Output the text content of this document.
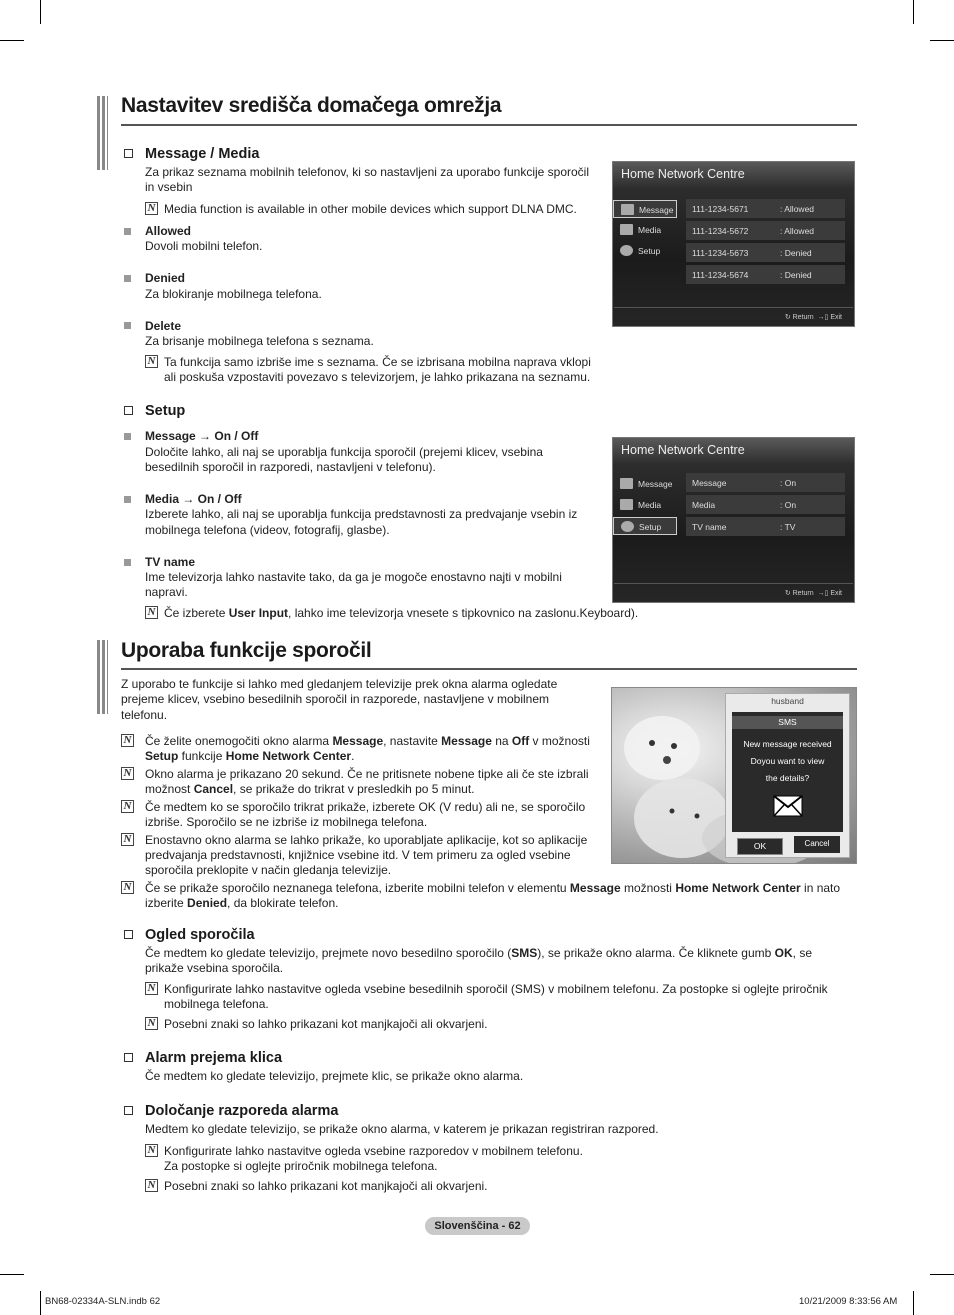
Nastavitev središča domačega omrežja
Message / Media
Za prikaz seznama mobilnih telefonov, ki so nastavljeni za uporabo funkcije sporočil
in vsebin
N Media function is available in other mobile devices which support DLNA DMC.
Allowed
Dovoli mobilni telefon.
Denied
Za blokiranje mobilnega telefona.
Delete
Za brisanje mobilnega telefona s seznama.
N Ta funkcija samo izbriše ime s seznama. Če se izbrisana mobilna naprava vklopi
ali poskuša vzpostaviti povezavo s televizorjem, je lahko prikazana na seznamu.
Home Network Centre
Message
Media
Setup
111-1234-5671	: Allowed
111-1234-5672	: Allowed
111-1234-5673	: Denied
111-1234-5674	: Denied
↻ Return  →▯ Exit
Setup
Message → On / Off
Določite lahko, ali naj se uporablja funkcija sporočil (prejemi klicev, vsebina
besedilnih sporočil in razporedi, nastavljeni v telefonu).
Media → On / Off
Izberete lahko, ali naj se uporablja funkcija predstavnosti za predvajanje vsebin iz
mobilnega telefona (videov, fotografij, glasbe).
TV name
Ime televizorja lahko nastavite tako, da ga je mogoče enostavno najti v mobilni
napravi.
N Če izberete User Input, lahko ime televizorja vnesete s tipkovnico na zaslonu.Keyboard).
Home Network Centre
Message
Media
Setup
Message	: On
Media	: On
TV name	: TV
↻ Return  →▯ Exit
Uporaba funkcije sporočil
Z uporabo te funkcije si lahko med gledanjem televizije prek okna alarma ogledate
prejeme klicev, vsebino besedilnih sporočil in razporede, nastavljene v mobilnem
telefonu.
N Če želite onemogočiti okno alarma Message, nastavite Message na Off v možnosti
Setup funkcije Home Network Center.
N Okno alarma je prikazano 20 sekund. Če ne pritisnete nobene tipke ali če ste izbrali
možnost Cancel, se prikaže do trikrat v presledkih po 5 minut.
N Če medtem ko se sporočilo trikrat prikaže, izberete OK (V redu) ali ne, se sporočilo
izbriše. Sporočilo se ne izbriše iz mobilnega telefona.
N Enostavno okno alarma se lahko prikaže, ko uporabljate aplikacije, kot so aplikacije
predvajanja predstavnosti, knjižnice vsebine itd. V tem primeru za ogled vsebine
sporočila preklopite v način gledanja televizije.
N Če se prikaže sporočilo neznanega telefona, izberite mobilni telefon v elementu Message možnosti Home Network Center in nato
izberite Denied, da blokirate telefon.
husband
SMS
New message received
Doyou want to view
the details?
OK	Cancel
Ogled sporočila
Če medtem ko gledate televizijo, prejmete novo besedilno sporočilo (SMS), se prikaže okno alarma. Če kliknete gumb OK, se
prikaže vsebina sporočila.
N Konfigurirate lahko nastavitve ogleda vsebine besedilnih sporočil (SMS) v mobilnem telefonu. Za postopke si oglejte priročnik
mobilnega telefona.
N Posebni znaki so lahko prikazani kot manjkajoči ali okvarjeni.
Alarm prejema klica
Če medtem ko gledate televizijo, prejmete klic, se prikaže okno alarma.
Določanje razporeda alarma
Medtem ko gledate televizijo, se prikaže okno alarma, v katerem je prikazan registriran razpored.
N Konfigurirate lahko nastavitve ogleda vsebine razporedov v mobilnem telefonu.
Za postopke si oglejte priročnik mobilnega telefona.
N Posebni znaki so lahko prikazani kot manjkajoči ali okvarjeni.
Slovenščina - 62
BN68-02334A-SLN.indb 62	10/21/2009 8:33:56 AM
